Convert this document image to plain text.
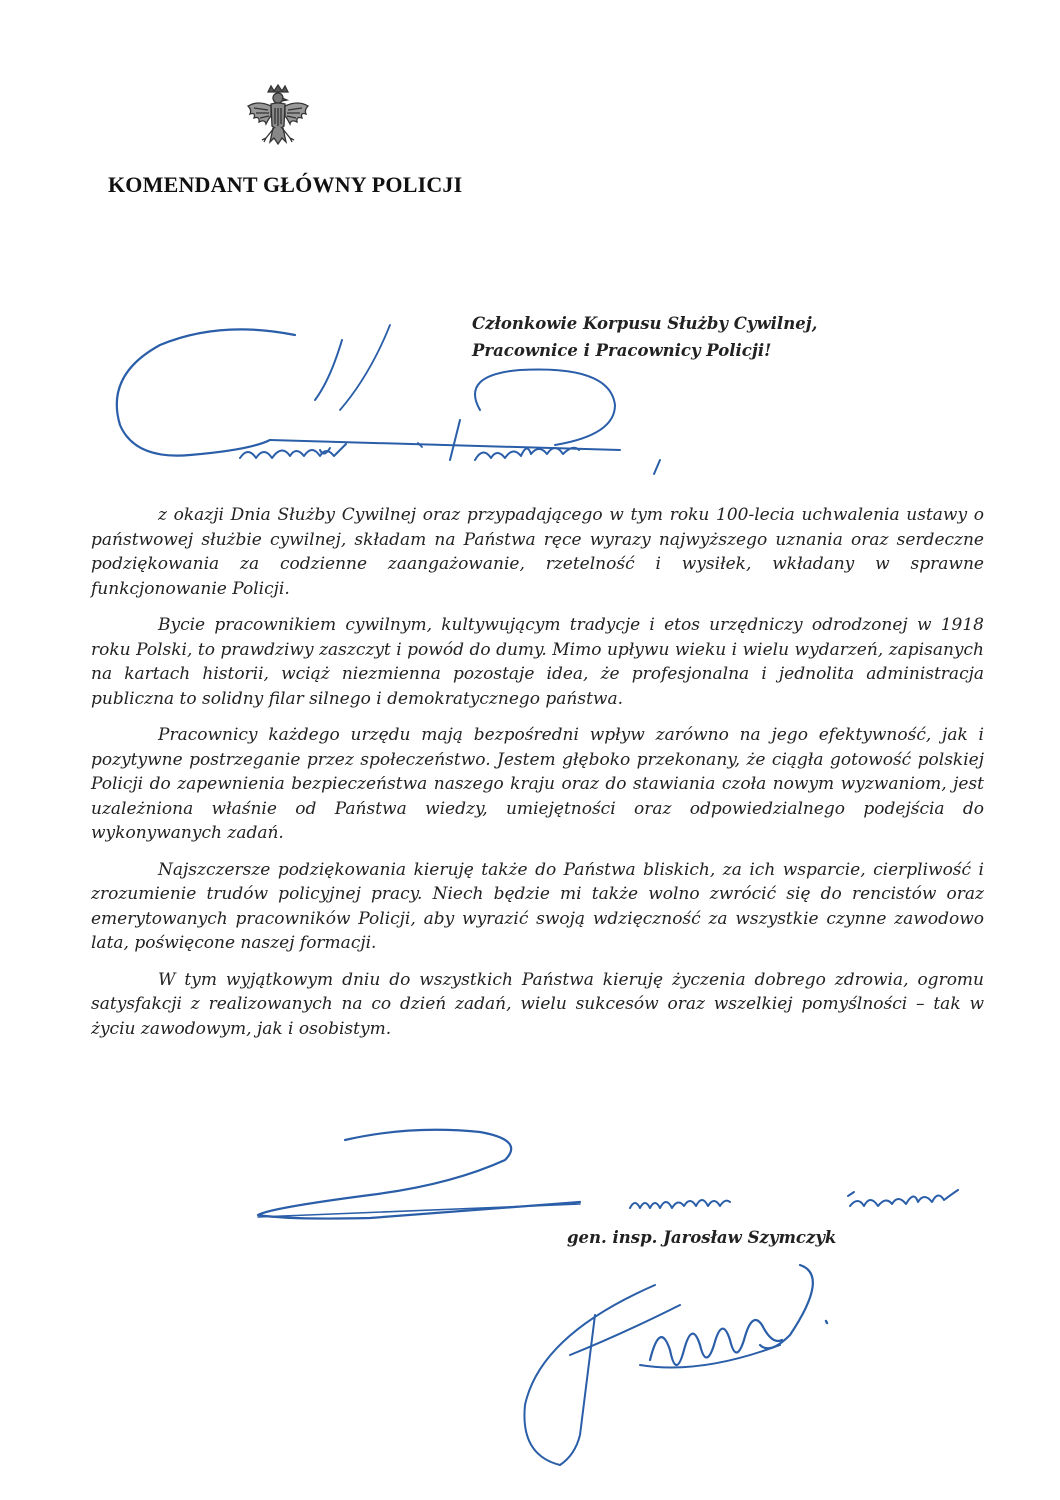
KOMENDANT GŁÓWNY POLICJI
Członkowie Korpusu Służby Cywilnej,
Pracownice i Pracownicy Policji!

z okazji Dnia Służby Cywilnej oraz przypadającego w tym roku 100-lecia uchwalenia ustawy o państwowej służbie cywilnej, składam na Państwa ręce wyrazy najwyższego uznania oraz serdeczne podziękowania za codzienne zaangażowanie, rzetelność i wysiłek, wkładany w sprawne funkcjonowanie Policji.

Bycie pracownikiem cywilnym, kultywującym tradycje i etos urzędniczy odrodzonej w 1918 roku Polski, to prawdziwy zaszczyt i powód do dumy. Mimo upływu wieku i wielu wydarzeń, zapisanych na kartach historii, wciąż niezmienna pozostaje idea, że profesjonalna i jednolita administracja publiczna to solidny filar silnego i demokratycznego państwa.

Pracownicy każdego urzędu mają bezpośredni wpływ zarówno na jego efektywność, jak i pozytywne postrzeganie przez społeczeństwo. Jestem głęboko przekonany, że ciągła gotowość polskiej Policji do zapewnienia bezpieczeństwa naszego kraju oraz do stawiania czoła nowym wyzwaniom, jest uzależniona właśnie od Państwa wiedzy, umiejętności oraz odpowiedzialnego podejścia do wykonywanych zadań.

Najszczersze podziękowania kieruję także do Państwa bliskich, za ich wsparcie, cierpliwość i zrozumienie trudów policyjnej pracy. Niech będzie mi także wolno zwrócić się do rencistów oraz emerytowanych pracowników Policji, aby wyrazić swoją wdzięczność za wszystkie czynne zawodowo lata, poświęcone naszej formacji.

W tym wyjątkowym dniu do wszystkich Państwa kieruję życzenia dobrego zdrowia, ogromu satysfakcji z realizowanych na co dzień zadań, wielu sukcesów oraz wszelkiej pomyślności – tak w życiu zawodowym, jak i osobistym.

gen. insp. Jarosław Szymczyk
